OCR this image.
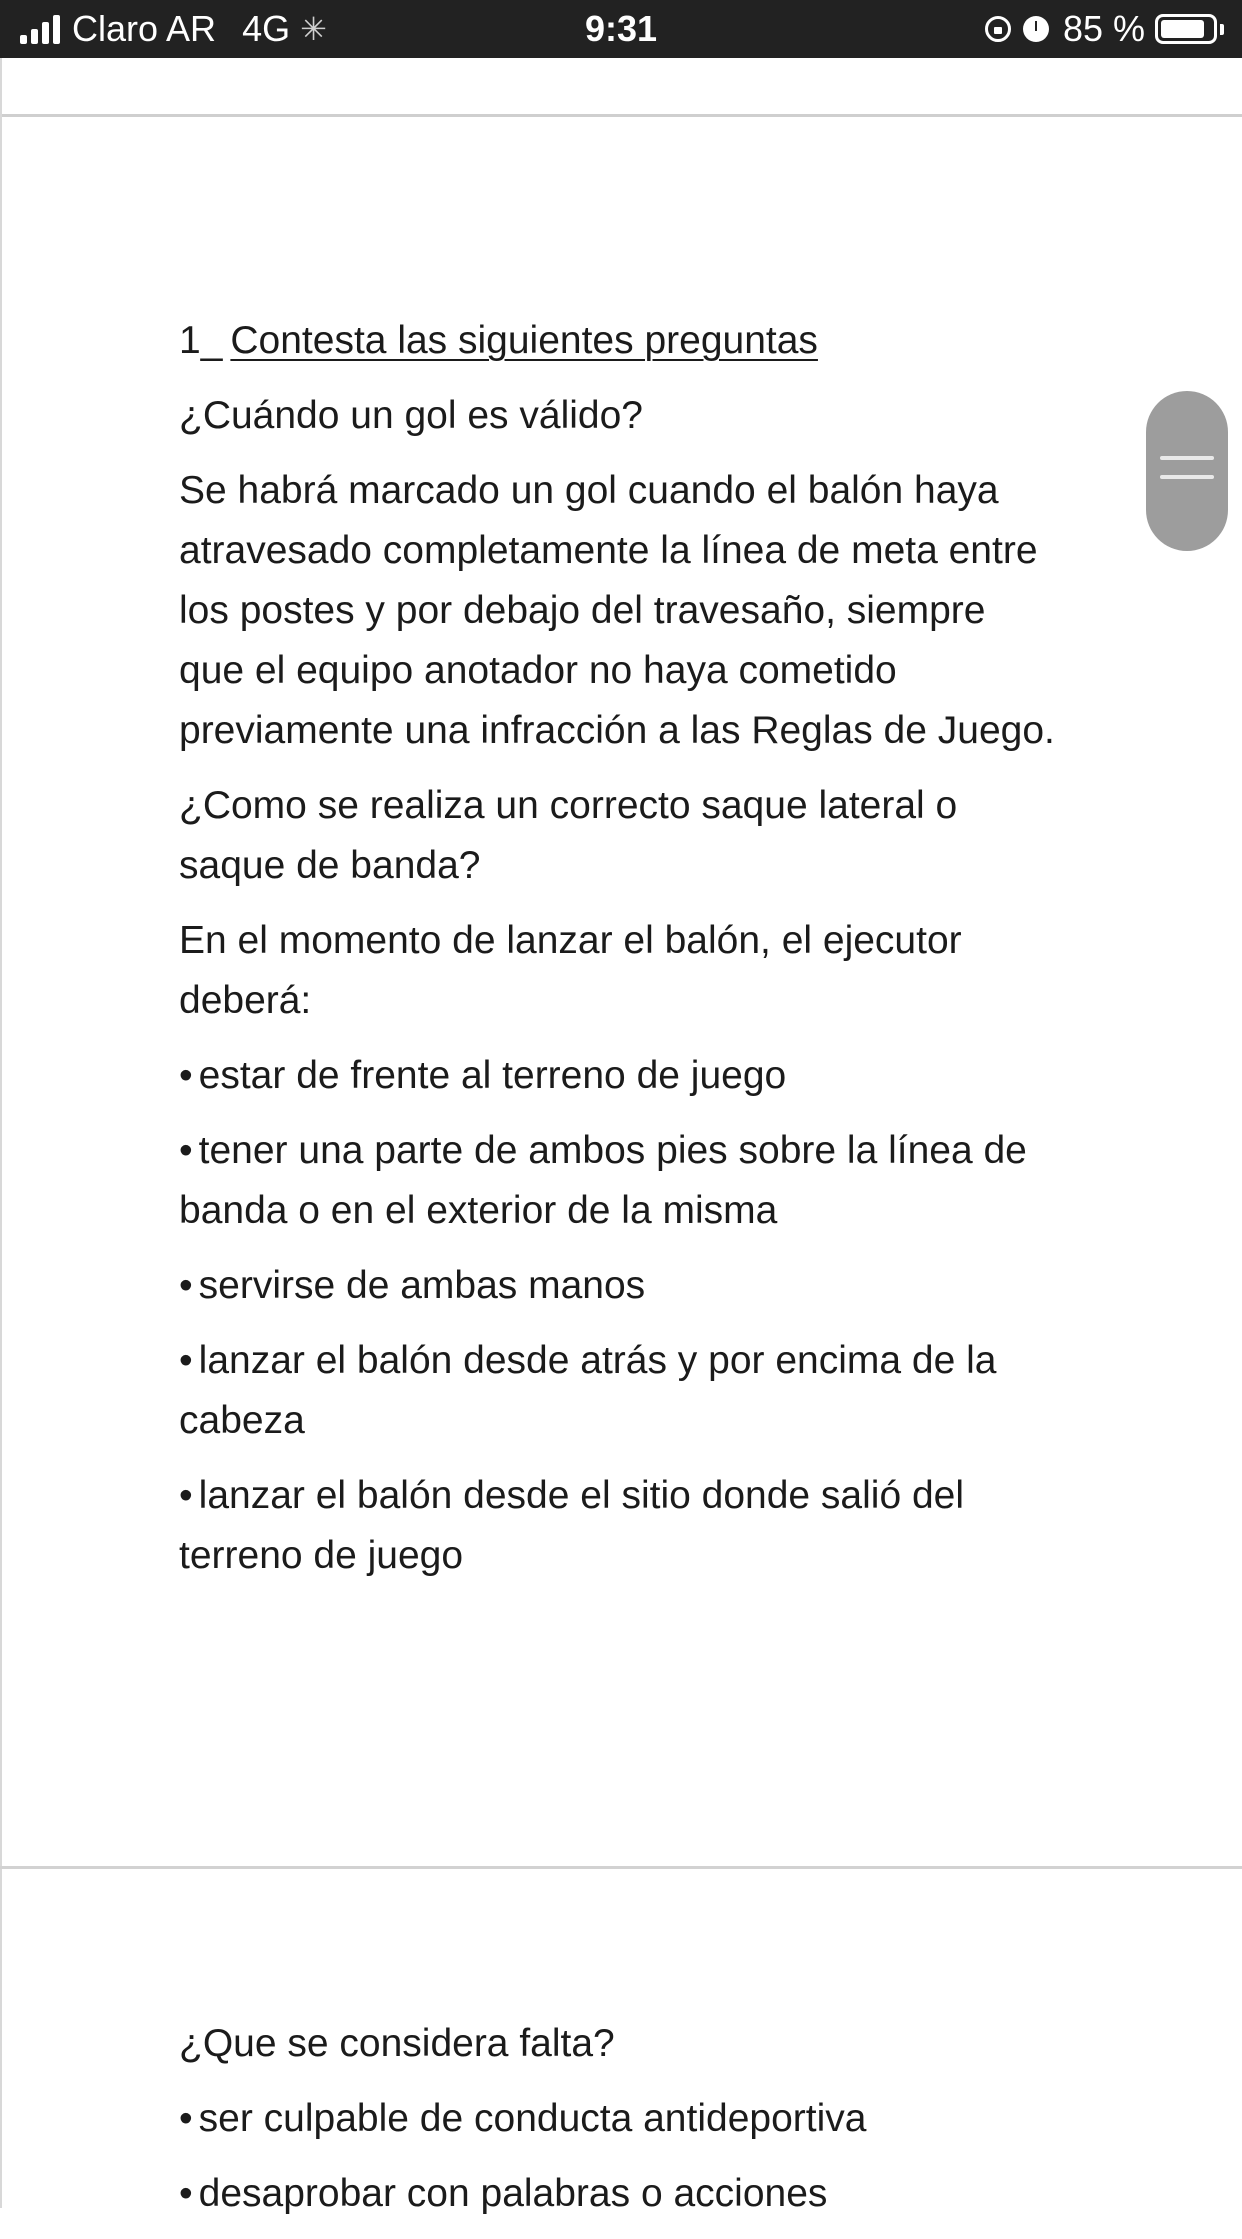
Claro AR 4G ✳	9:31	85 %

1_ Contesta las siguientes preguntas

¿Cuándo un gol es válido?

Se habrá marcado un gol cuando el balón haya atravesado completamente la línea de meta entre los postes y por debajo del travesaño, siempre que el equipo anotador no haya cometido previamente una infracción a las Reglas de Juego.

¿Como se realiza un correcto saque lateral o saque de banda?

En el momento de lanzar el balón, el ejecutor deberá:

• estar de frente al terreno de juego

• tener una parte de ambos pies sobre la línea de banda o en el exterior de la misma

• servirse de ambas manos

• lanzar el balón desde atrás y por encima de la cabeza

• lanzar el balón desde el sitio donde salió del terreno de juego

¿Que se considera falta?

• ser culpable de conducta antideportiva

• desaprobar con palabras o acciones
